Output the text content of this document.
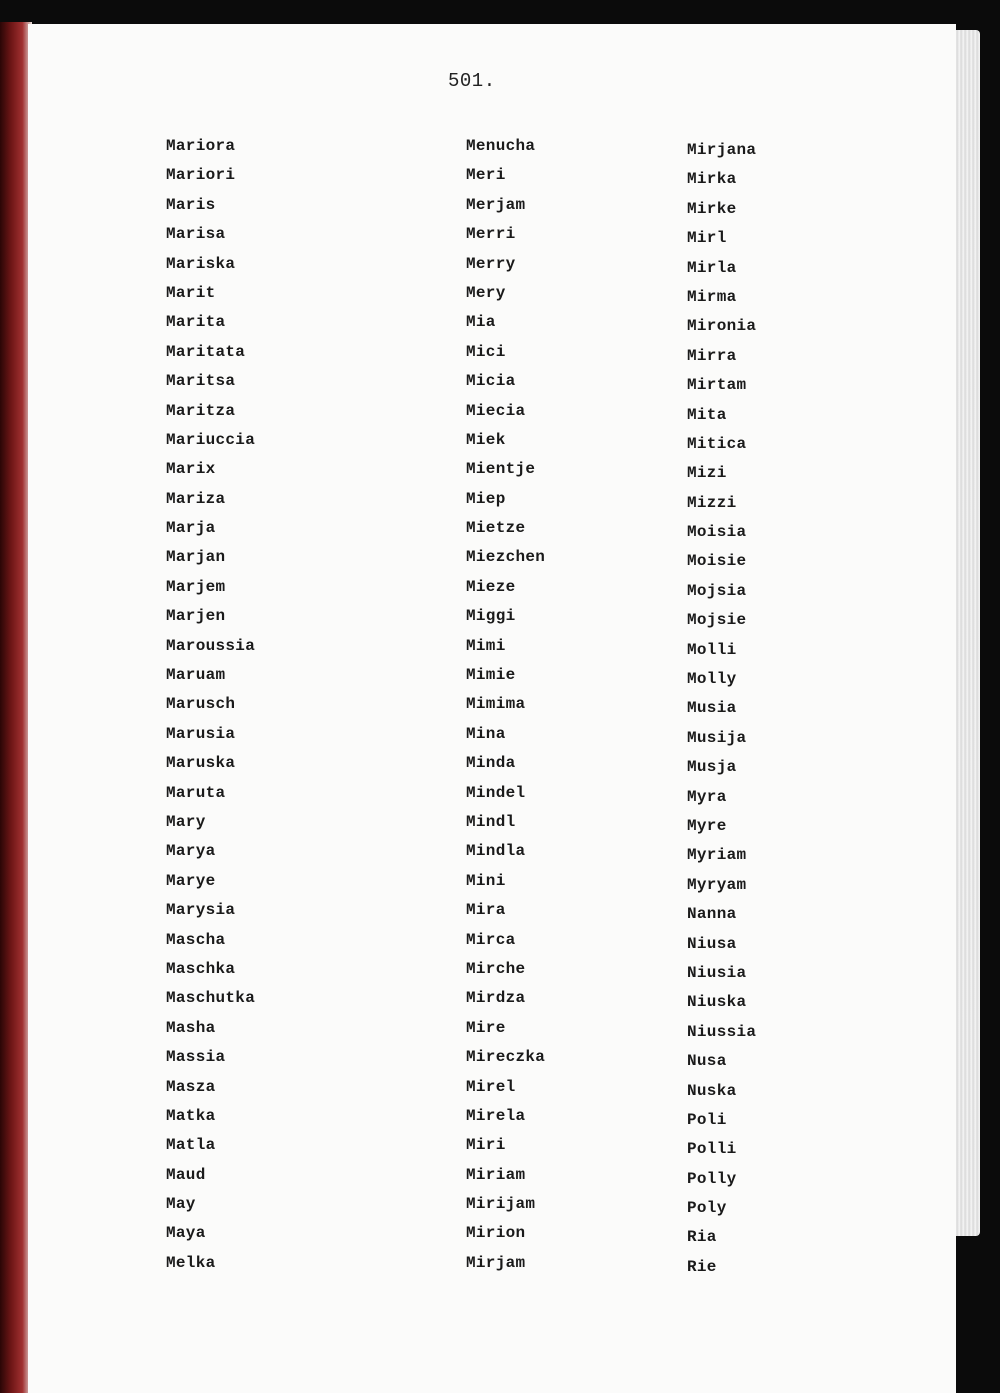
501.
Mariora
Mariori
Maris
Marisa
Mariska
Marit
Marita
Maritata
Maritsa
Maritza
Mariuccia
Marix
Mariza
Marja
Marjan
Marjem
Marjen
Maroussia
Maruam
Marusch
Marusia
Maruska
Maruta
Mary
Marya
Marye
Marysia
Mascha
Maschka
Maschutka
Masha
Massia
Masza
Matka
Matla
Maud
May
Maya
Melka
Menucha
Meri
Merjam
Merri
Merry
Mery
Mia
Mici
Micia
Miecia
Miek
Mientje
Miep
Mietze
Miezchen
Mieze
Miggi
Mimi
Mimie
Mimima
Mina
Minda
Mindel
Mindl
Mindla
Mini
Mira
Mirca
Mirche
Mirdza
Mire
Mireczka
Mirel
Mirela
Miri
Miriam
Mirijam
Mirion
Mirjam
Mirjana
Mirka
Mirke
Mirl
Mirla
Mirma
Mironia
Mirra
Mirtam
Mita
Mitica
Mizi
Mizzi
Moisia
Moisie
Mojsia
Mojsie
Molli
Molly
Musia
Musija
Musja
Myra
Myre
Myriam
Myryam
Nanna
Niusa
Niusia
Niuska
Niussia
Nusa
Nuska
Poli
Polli
Polly
Poly
Ria
Rie
